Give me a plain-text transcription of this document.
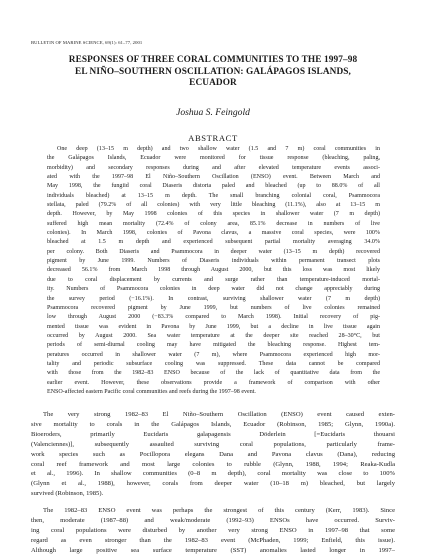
BULLETIN OF MARINE SCIENCE, 69(1): 61–77, 2001
RESPONSES OF THREE CORAL COMMUNITIES TO THE 1997–98
EL NIÑO–SOUTHERN OSCILLATION: GALÁPAGOS ISLANDS,
ECUADOR
Joshua S. Feingold
ABSTRACT
One deep (13–15 m depth) and two shallow water (1.5 and 7 m) coral communities in
the Galápagos Islands, Ecuador were monitored for tissue response (bleaching, paling,
morbidity) and secondary responses during and after elevated temperature events associ-
ated with the 1997–98 El Niño–Southern Oscillation (ENSO) event. Between March and
May 1998, the fungiid coral Diaseris distorta paled and bleached (up to 88.0% of all
individuals bleached) at 13–15 m depth. The small branching colonial coral, Psammocora
stellata, paled (79.2% of all colonies) with very little bleaching (11.1%), also at 13–15 m
depth. However, by May 1998 colonies of this species in shallower water (7 m depth)
suffered high mean mortality (72.4% of colony area, 85.1% decrease in numbers of live
colonies). In March 1998, colonies of Pavona clavus, a massive coral species, were 100%
bleached at 1.5 m depth and experienced subsequent partial mortality averaging 34.0%
per colony. Both Diaseris and Psammocora in deeper water (13–15 m depth) recovered
pigment by June 1999. Numbers of Diaseris individuals within permanent transect plots
decreased 56.1% from March 1998 through August 2000, but this loss was most likely
due to coral displacement by currents and surge rather than temperature-induced mortal-
ity. Numbers of Psammocora colonies in deep water did not change appreciably during
the survey period (−16.1%). In contrast, surviving shallower water (7 m depth)
Psammocora recovered pigment by June 1999, but numbers of live colonies remained
low through August 2000 (−83.3% compared to March 1998). Initial recovery of pig-
mented tissue was evident in Pavona by June 1999, but a decline in live tissue again
occurred by August 2000. Sea water temperature at the deeper site reached 28–30°C, but
periods of semi-diurnal cooling may have mitigated the bleaching response. Highest tem-
peratures occurred in shallower water (7 m), where Psammocora experienced high mor-
tality and periodic subsurface cooling was suppressed. These data cannot be compared
with those from the 1982–83 ENSO because of the lack of quantitative data from the
earlier event. However, these observations provide a framework of comparison with other
ENSO-affected eastern Pacific coral communities and reefs during the 1997–98 event.
The very strong 1982–83 El Niño–Southern Oscillation (ENSO) event caused exten-
sive mortality to corals in the Galápagos Islands, Ecuador (Robinson, 1985; Glynn, 1990a).
Bioeroders, primarily Eucidaris galapagensis Döderlein [=Eucidaris thouarsi
(Valenciennes)], subsequently assaulted surviving coral populations, particularly frame-
work species such as Pocillopora elegans Dana and Pavona clavus (Dana), reducing
coral reef framework and most large colonies to rubble (Glynn, 1988, 1994; Reaka-Kudla
et al., 1996). In shallow communities (0–8 m depth), coral mortality was close to 100%
(Glynn et al., 1988), however, corals from deeper water (10–18 m) bleached, but largely
survived (Robinson, 1985).
The 1982–83 ENSO event was perhaps the strongest of this century (Kerr, 1983). Since
then, moderate (1987–88) and weak/moderate (1992–93) ENSOs have occurred. Surviv-
ing coral populations were disturbed by another very strong ENSO in 1997–98 that some
regard as even stronger than the 1982–83 event (McPhaden, 1999; Enfield, this issue).
Although large positive sea surface temperature (SST) anomalies lasted longer in 1997–
